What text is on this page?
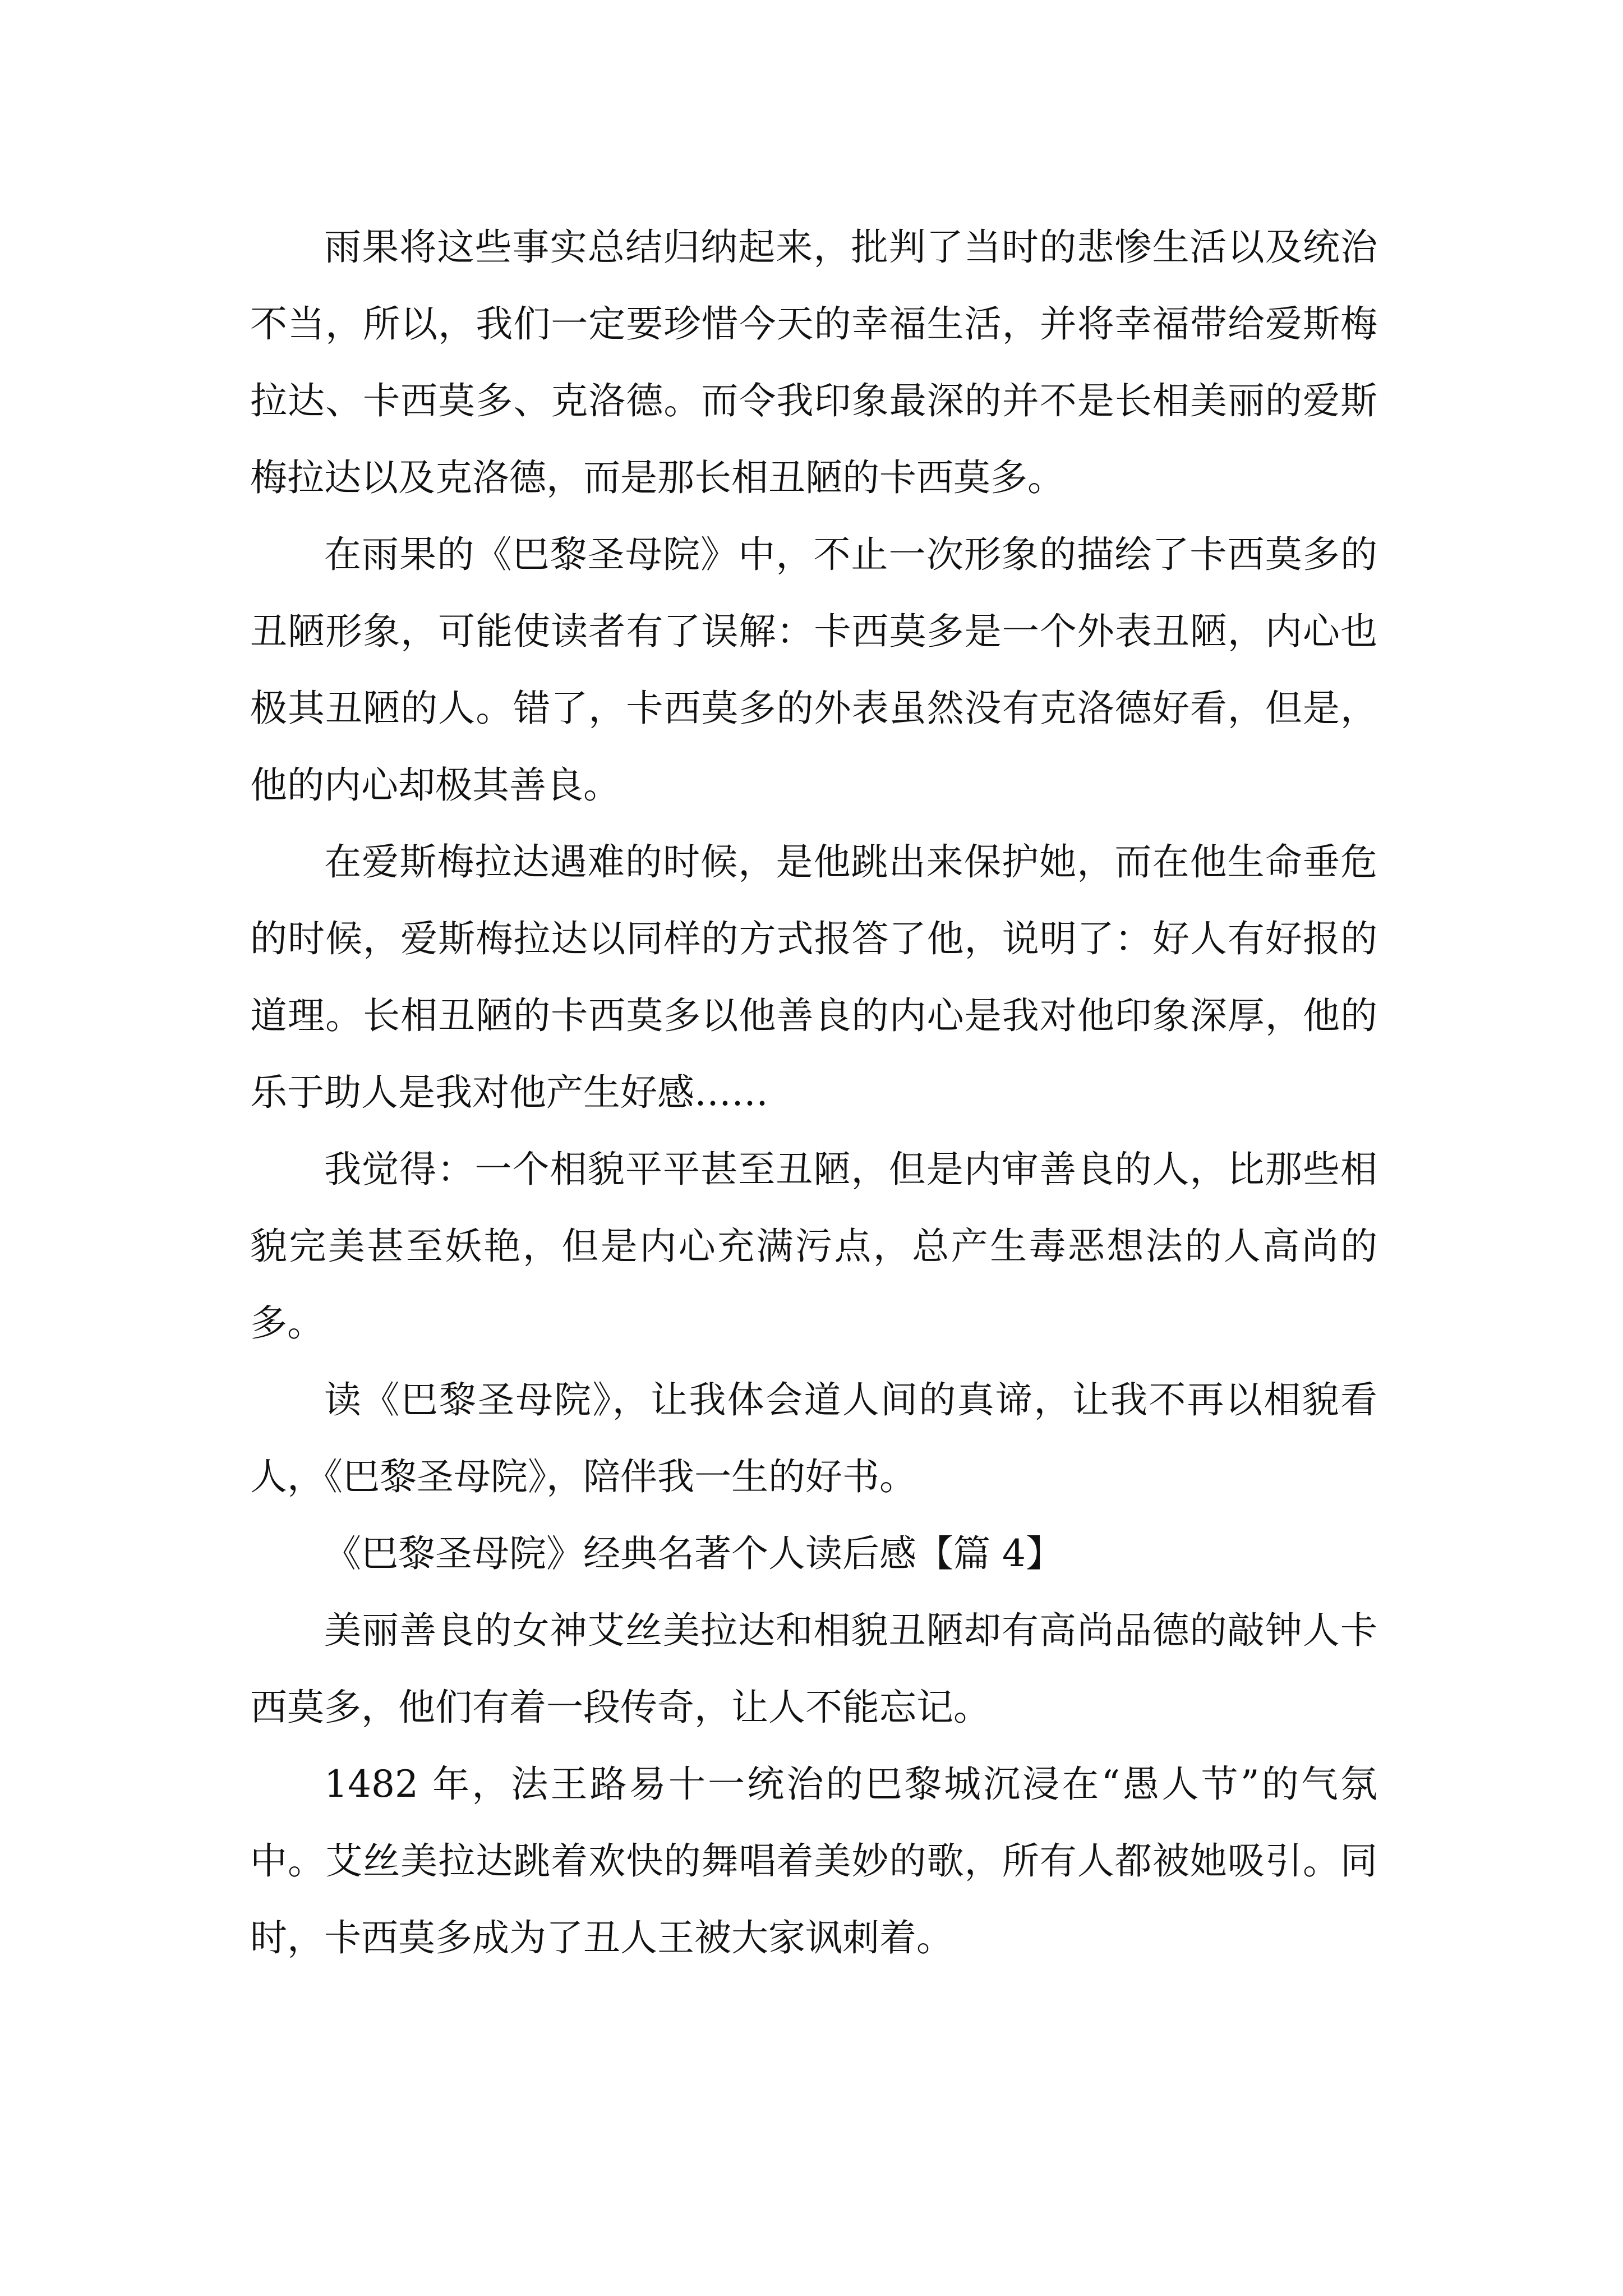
雨果将这些事实总结归纳起来，批判了当时的悲惨生活以及统治不当，所以，我们一定要珍惜今天的幸福生活，并将幸福带给爱斯梅拉达、卡西莫多、克洛德。而令我印象最深的并不是长相美丽的爱斯梅拉达以及克洛德，而是那长相丑陋的卡西莫多。

在雨果的《巴黎圣母院》中，不止一次形象的描绘了卡西莫多的丑陋形象，可能使读者有了误解：卡西莫多是一个外表丑陋，内心也极其丑陋的人。错了，卡西莫多的外表虽然没有克洛德好看，但是，他的内心却极其善良。

在爱斯梅拉达遇难的时候，是他跳出来保护她，而在他生命垂危的时候，爱斯梅拉达以同样的方式报答了他，说明了：好人有好报的道理。长相丑陋的卡西莫多以他善良的内心是我对他印象深厚，他的乐于助人是我对他产生好感……

我觉得：一个相貌平平甚至丑陋，但是内审善良的人，比那些相貌完美甚至妖艳，但是内心充满污点，总产生毒恶想法的人高尚的多。

读《巴黎圣母院》，让我体会道人间的真谛，让我不再以相貌看人，《巴黎圣母院》，陪伴我一生的好书。

《巴黎圣母院》经典名著个人读后感【篇 4】

美丽善良的女神艾丝美拉达和相貌丑陋却有高尚品德的敲钟人卡西莫多，他们有着一段传奇，让人不能忘记。

1482 年，法王路易十一统治的巴黎城沉浸在“愚人节”的气氛中。艾丝美拉达跳着欢快的舞唱着美妙的歌，所有人都被她吸引。同时，卡西莫多成为了丑人王被大家讽刺着。
